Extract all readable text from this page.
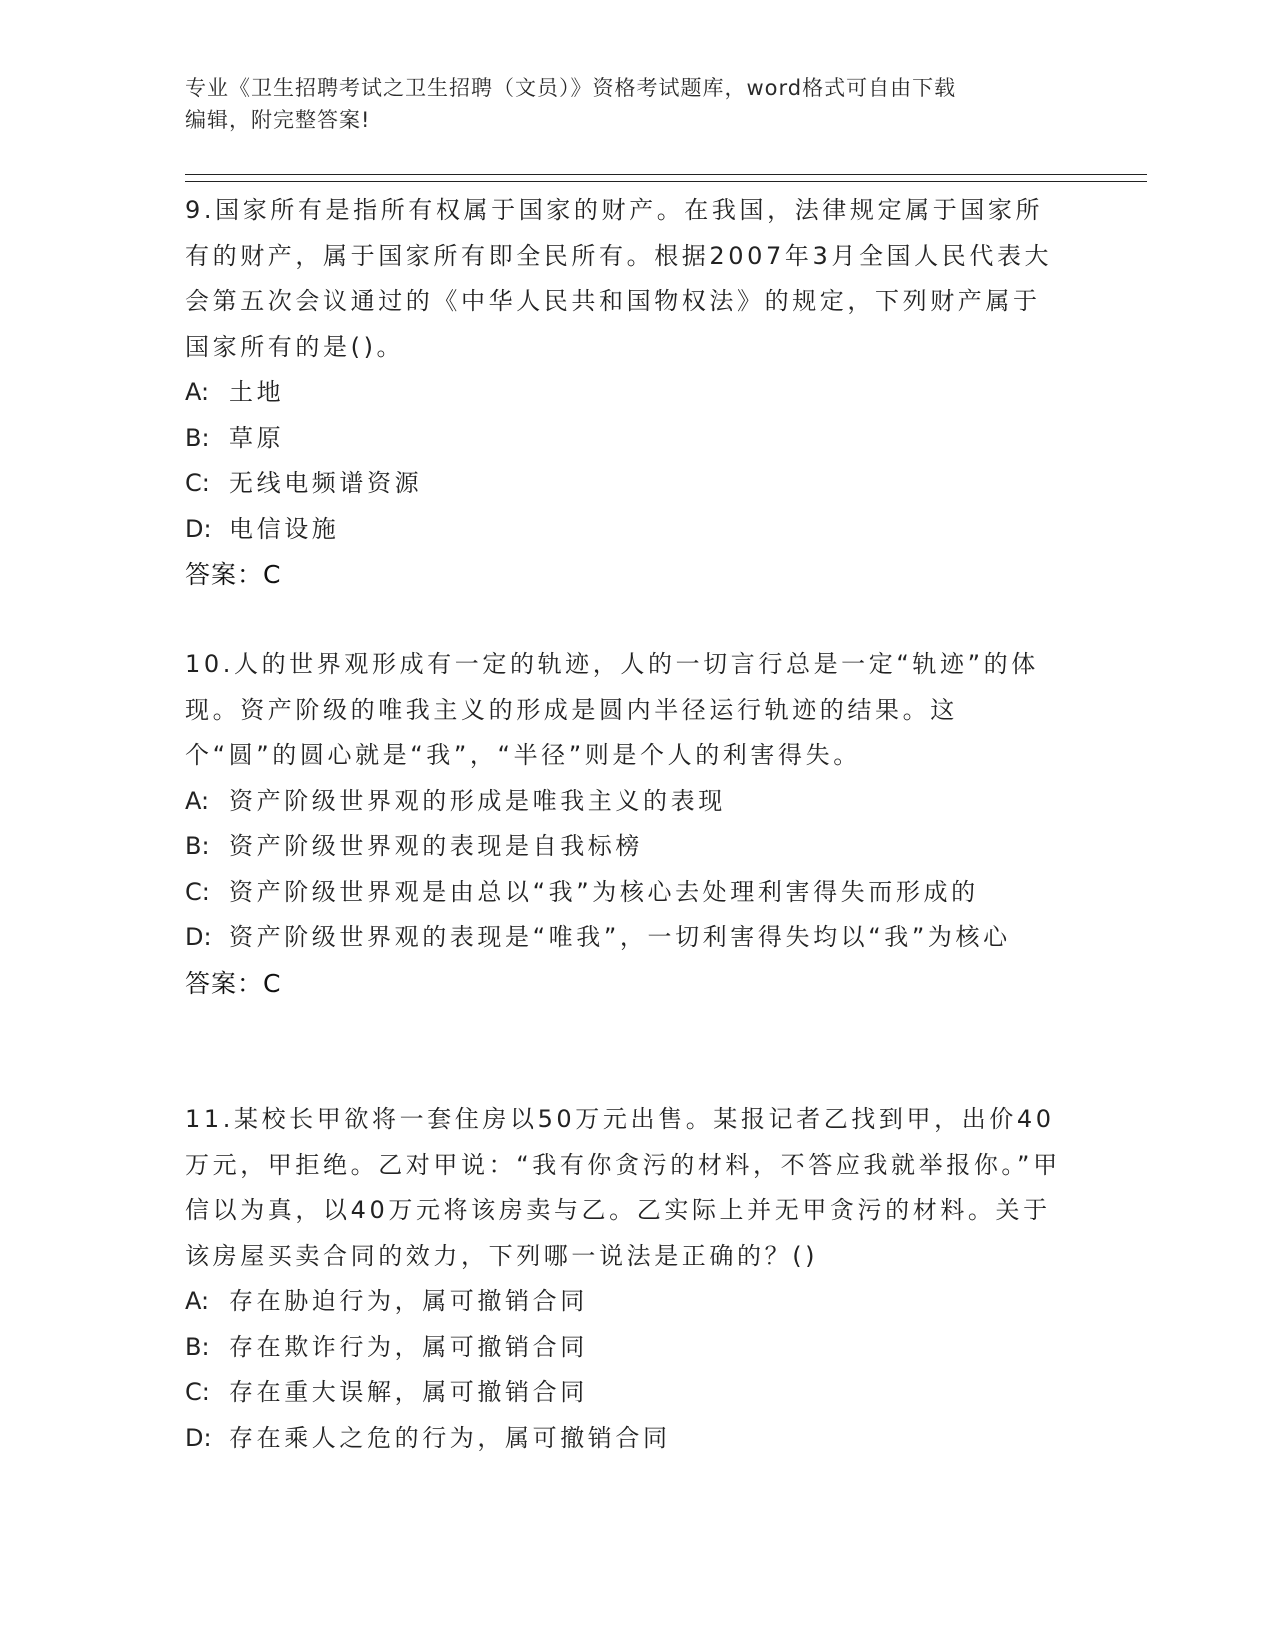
专业《卫生招聘考试之卫生招聘（文员）》资格考试题库，word格式可自由下载
编辑，附完整答案!

9.国家所有是指所有权属于国家的财产。在我国，法律规定属于国家所有的财产，属于国家所有即全民所有。根据2007年3月全国人民代表大会第五次会议通过的《中华人民共和国物权法》的规定，下列财产属于国家所有的是()。

A: 土地

B: 草原

C: 无线电频谱资源

D: 电信设施

答案：C

10.人的世界观形成有一定的轨迹，人的一切言行总是一定“轨迹”的体现。资产阶级的唯我主义的形成是圆内半径运行轨迹的结果。这个“圆”的圆心就是“我”，“半径”则是个人的利害得失。

A: 资产阶级世界观的形成是唯我主义的表现

B: 资产阶级世界观的表现是自我标榜

C: 资产阶级世界观是由总以“我”为核心去处理利害得失而形成的

D: 资产阶级世界观的表现是“唯我”，一切利害得失均以“我”为核心

答案：C

11.某校长甲欲将一套住房以50万元出售。某报记者乙找到甲，出价40万元，甲拒绝。乙对甲说：“我有你贪污的材料，不答应我就举报你。”甲信以为真，以40万元将该房卖与乙。乙实际上并无甲贪污的材料。关于该房屋买卖合同的效力，下列哪一说法是正确的？()

A: 存在胁迫行为，属可撤销合同

B: 存在欺诈行为，属可撤销合同

C: 存在重大误解，属可撤销合同

D: 存在乘人之危的行为，属可撤销合同
